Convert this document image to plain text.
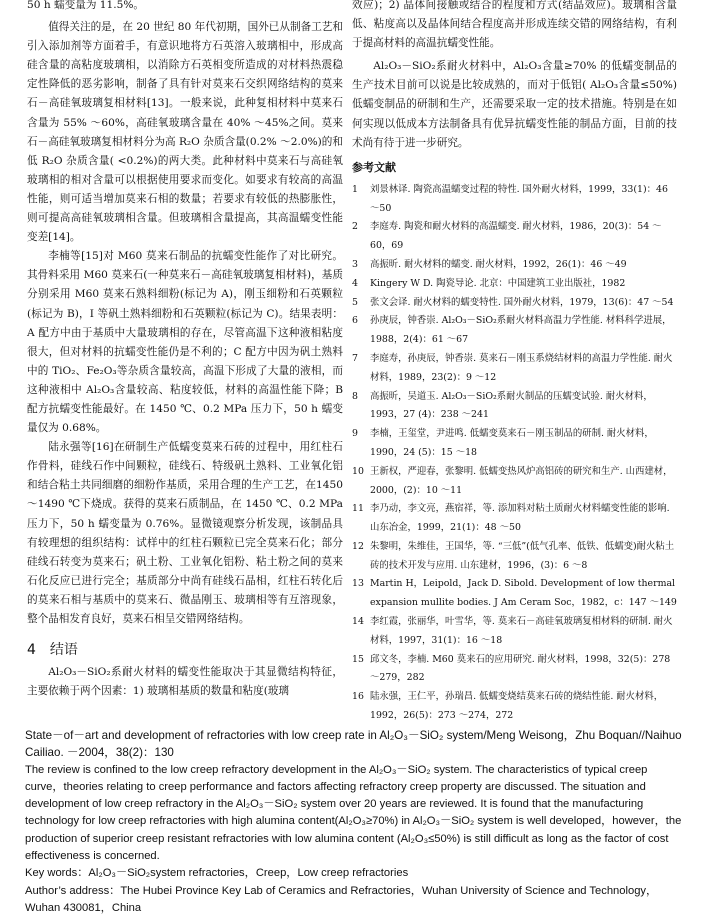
50 h 蠕变量为 11.5%。

值得关注的是，在 20 世纪 80 年代初期，国外已从制备工艺和引入添加剂等方面着手，有意识地将方石英溶入玻璃相中，形成高硅含量的高粘度玻璃相，以消除方石英相变所造成的对材料热震稳定性降低的恶劣影响，制备了具有针对莫来石交织网络结构的莫来石－高硅氧玻璃复相材料[13]。一般来说，此种复相材料中莫来石含量为 55% ～60%，高硅氧玻璃含量在 40% ～45%之间。莫来石－高硅氧玻璃复相材料分为高 R₂O 杂质含量(0.2% ～2.0%)的和低 R₂O 杂质含量( <0.2%)的两大类。此种材料中莫来石与高硅氧玻璃相的相对含量可以根据使用要求而变化。如要求有较高的高温性能，则可适当增加莫来石相的数量；若要求有较低的热膨胀性，则可提高高硅氧玻璃相含量。但玻璃相含量提高，其高温蠕变性能变差[14]。

李楠等[15]对 M60 莫来石制品的抗蠕变性能作了对比研究。其骨料采用 M60 莫来石(一种莫来石－高硅氧玻璃复相材料)，基质分别采用 M60 莫来石熟料细粉(标记为 A)，刚玉细粉和石英颗粒(标记为 B)，I 等矾土熟料细粉和石英颗粒(标记为 C)。结果表明：A 配方中由于基质中大量玻璃相的存在，尽管高温下这种液相粘度很大，但对材料的抗蠕变性能仍是不利的；C 配方中因为矾土熟料中的 TiO₂、Fe₂O₃等杂质含量较高，高温下形成了大量的液相，而这种液相中 Al₂O₃含量较高、粘度较低，材料的高温性能下降；B 配方抗蠕变性能最好。在 1450 ℃、0.2 MPa 压力下，50 h 蠕变量仅为 0.68%。

陆永强等[16]在研制生产低蠕变莫来石砖的过程中，用红柱石作骨料，硅线石作中间颗粒，硅线石、特级矾土熟料、工业氧化铝和结合粘土共同细磨的细粉作基质，采用合理的生产工艺，在1450 ～1490 ℃下烧成。获得的莫来石质制品，在 1450 ℃、0.2 MPa 压力下，50 h 蠕变量为 0.76%。显微镜观察分析发现，该制品具有较理想的组织结构：试样中的红柱石颗粒已完全莫来石化；部分硅线石转变为莫来石；矾土粉、工业氧化铝粉、粘土粉之间的莫来石化反应已进行完全；基质部分中尚有硅线石晶相，红柱石转化后的莫来石相与基质中的莫来石、微晶刚玉、玻璃相等有互溶现象，整个晶相发育良好，莫来石相呈交错网络结构。

4　结语

Al₂O₃－SiO₂系耐火材料的蠕变性能取决于其显微结构特征，主要依赖于两个因素：1) 玻璃相基质的数量和粘度(玻璃

效应)；2) 晶体间接触或结合的程度和方式(结晶效应)。玻璃相含量低、粘度高以及晶体间结合程度高并形成连续交错的网络结构，有利于提高材料的高温抗蠕变性能。

Al₂O₃－SiO₂系耐火材料中，Al₂O₃含量≥70% 的低蠕变制品的生产技术目前可以说是比较成熟的，而对于低铝( Al₂O₃含量≤50%) 低蠕变制品的研制和生产，还需要采取一定的技术措施。特别是在如何实现以低成本方法制备具有优异抗蠕变性能的制品方面，目前的技术尚有待于进一步研究。

参考文献
1	刘景林译. 陶瓷高温蠕变过程的特性. 国外耐火材料，1999，33(1)：46 ～50
2	李庭寿. 陶瓷和耐火材料的高温蠕变. 耐火材料，1986，20(3)：54 ～60，69
3	高振昕. 耐火材料的蠕变. 耐火材料，1992，26(1)：46 ～49
4	Kingery W D. 陶瓷导论. 北京：中国建筑工业出版社，1982
5	张文会译. 耐火材料的蠕变特性. 国外耐火材料，1979，13(6)：47 ～54
6	孙庚辰，钟香崇. Al₂O₃－SiO₂系耐火材料高温力学性能. 材料科学进展，1988，2(4)：61 ～67
7	李庭寿，孙庚辰，钟香崇. 莫来石－刚玉系烧结材料的高温力学性能. 耐火材料，1989，23(2)：9 ～12
8	高振昕，吴道玉. Al₂O₃－SiO₂系耐火制品的压蠕变试验. 耐火材料，1993，27 (4)：238 ～241
9	李楠，王玺堂，尹进鸣. 低蠕变莫来石－刚玉制品的研制. 耐火材料，1990，24 (5)：15 ～18
10 王新权，严迎春，张黎明. 低蠕变热风炉高铝砖的研究和生产. 山西建材，2000，(2)：10 ～11
11 李乃动，李文亮，燕宿祥，等. 添加料对粘土质耐火材料蠕变性能的影响. 山东冶金，1999，21(1)：48 ～50
12 朱黎明，朱维佳，王国华，等. “三低”(低气孔率、低铁、低蠕变)耐火粘土砖的技术开发与应用. 山东建材，1996，(3)：6 ～8
13 Martin H，Leipold，Jack D. Sibold. Development of low thermal expansion mullite bodies. J Am Ceram Soc，1982，c：147 ～149
14 李红霞，张丽华，叶雪华，等. 莫来石－高硅氧玻璃复相材料的研制. 耐火材料，1997，31(1)：16 ～18
15 邱文冬，李楠. M60 莫来石的应用研究. 耐火材料，1998，32(5)：278 ～279，282
16 陆永强，王仁平，孙瑞昌. 低蠕变烧结莫来石砖的烧结性能. 耐火材料，1992，26(5)：273 ～274，272

State－of－art and development of refractories with low creep rate in Al₂O₃－SiO₂ system/Meng Weisong，Zhu Boquan//Naihuo Cailiao. －2004，38(2)：130

The review is confined to the low creep refractory development in the Al₂O₃－SiO₂ system. The characteristics of typical creep curve，theories relating to creep performance and factors affecting refractory creep property are discussed. The situation and development of low creep refractory in the Al₂O₃－SiO₂ system over 20 years are reviewed. It is found that the manufacturing technology for low creep refractories with high alumina content(Al₂O₃≥70%) in Al₂O₃－SiO₂ system is well developed，however，the production of superior creep resistant refractories with low alumina content (Al₂O₃≤50%) is still difficult as long as the factor of cost effectiveness is concerned.

Key words：Al₂O₃－SiO₂system refractories，Creep，Low creep refractories

Author’s address：The Hubei Province Key Lab of Ceramics and Refractories，Wuhan University of Science and Technology，Wuhan 430081，China
